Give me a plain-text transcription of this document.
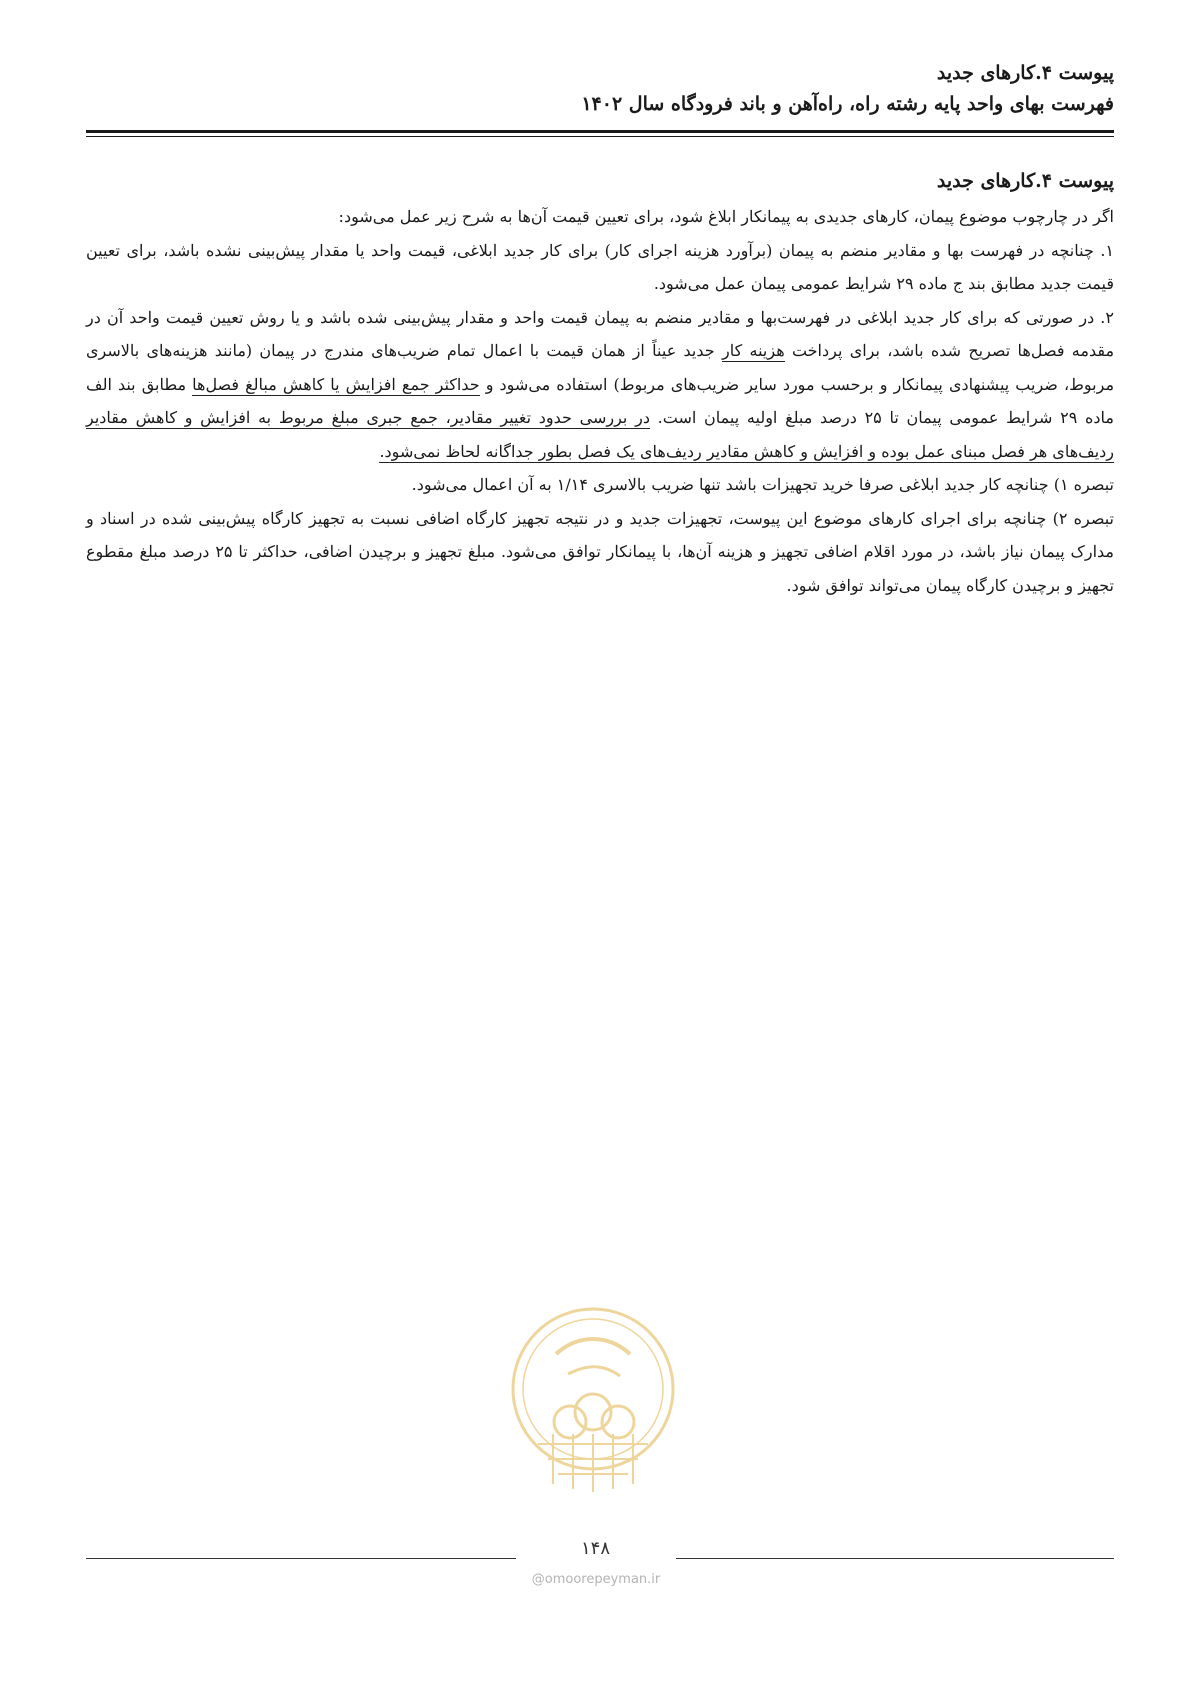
پیوست ۴.کارهای جدید
فهرست بهای واحد پایه رشته راه، راه‌آهن و باند فرودگاه سال ۱۴۰۲
پیوست ۴.کارهای جدید

اگر در چارچوب موضوع پیمان، کارهای جدیدی به پیمانکار ابلاغ شود، برای تعیین قیمت آن‌ها به شرح زیر عمل می‌شود:

۱. چنانچه در فهرست بها و مقادیر منضم به پیمان (برآورد هزینه اجرای کار) برای کار جدید ابلاغی، قیمت واحد یا مقدار پیش‌بینی نشده باشد، برای تعیین قیمت جدید مطابق بند ج ماده ۲۹ شرایط عمومی پیمان عمل می‌شود.

۲. در صورتی که برای کار جدید ابلاغی در فهرست‌بها و مقادیر منضم به پیمان قیمت واحد و مقدار پیش‌بینی شده باشد و یا روش تعیین قیمت واحد آن در مقدمه فصل‌ها تصریح شده باشد، برای پرداخت هزینه کار جدید عیناً از همان قیمت با اعمال تمام ضریب‌های مندرج در پیمان (مانند هزینه‌های بالاسری مربوط، ضریب پیشنهادی پیمانکار و برحسب مورد سایر ضریب‌های مربوط) استفاده می‌شود و حداکثر جمع افزایش یا کاهش مبالغ فصل‌ها مطابق بند الف ماده ۲۹ شرایط عمومی پیمان تا ۲۵ درصد مبلغ اولیه پیمان است. در بررسی حدود تغییر مقادیر، جمع جبری مبلغ مربوط به افزایش و کاهش مقادیر ردیف‌های هر فصل مبنای عمل بوده و افزایش و کاهش مقادیر ردیف‌های یک فصل بطور جداگانه لحاظ نمی‌شود.

تبصره ۱) چنانچه کار جدید ابلاغی صرفا خرید تجهیزات باشد تنها ضریب بالاسری ۱/۱۴ به آن اعمال می‌شود.

تبصره ۲) چنانچه برای اجرای کارهای موضوع این پیوست، تجهیزات جدید و در نتیجه تجهیز کارگاه اضافی نسبت به تجهیز کارگاه پیش‌بینی شده در اسناد و مدارک پیمان نیاز باشد، در مورد اقلام اضافی تجهیز و هزینه آن‌ها، با پیمانکار توافق می‌شود. مبلغ تجهیز و برچیدن اضافی، حداکثر تا ۲۵ درصد مبلغ مقطوع تجهیز و برچیدن کارگاه پیمان می‌تواند توافق شود.

۱۴۸
@omoorepeyman.ir
